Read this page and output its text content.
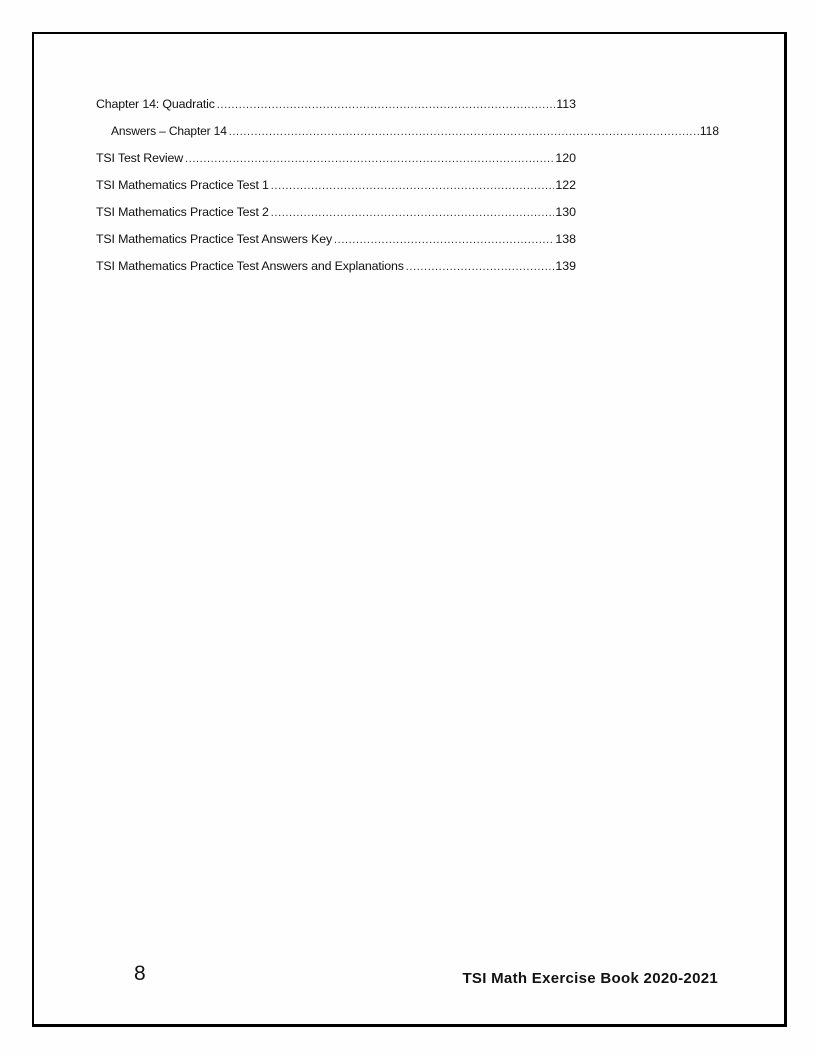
Chapter 14: Quadratic .....	113
Answers – Chapter 14 .....	118
TSI Test Review .....	120
TSI Mathematics Practice Test 1 .....	122
TSI Mathematics Practice Test 2 .....	130
TSI Mathematics Practice Test Answers Key .....	138
TSI Mathematics Practice Test Answers and Explanations .....	139
8	TSI Math Exercise Book 2020-2021
